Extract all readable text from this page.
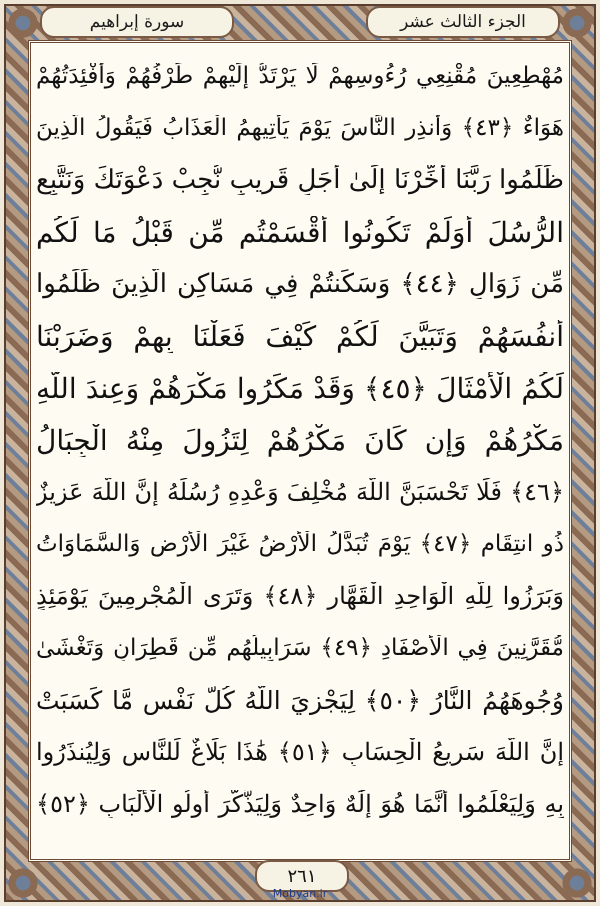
سورة إبراهيم	الجزء الثالث عشر
مُهْطِعِينَ مُقْنِعِي رُءُوسِهِمْ لَا يَرْتَدُّ إِلَيْهِمْ طَرْفُهُمْ وَأَفْئِدَتُهُمْ
هَوَاءٌ ﴿٤٣﴾ وَأَنذِرِ النَّاسَ يَوْمَ يَأْتِيهِمُ الْعَذَابُ فَيَقُولُ الَّذِينَ
ظَلَمُوا رَبَّنَا أَخِّرْنَا إِلَىٰ أَجَلٍ قَرِيبٍ نُّجِبْ دَعْوَتَكَ وَنَتَّبِعِ
الرُّسُلَ أَوَلَمْ تَكُونُوا أَقْسَمْتُم مِّن قَبْلُ مَا لَكُم
مِّن زَوَالٍ ﴿٤٤﴾ وَسَكَنتُمْ فِي مَسَاكِنِ الَّذِينَ ظَلَمُوا
أَنفُسَهُمْ وَتَبَيَّنَ لَكُمْ كَيْفَ فَعَلْنَا بِهِمْ وَضَرَبْنَا
لَكُمُ الْأَمْثَالَ ﴿٤٥﴾ وَقَدْ مَكَرُوا مَكْرَهُمْ وَعِندَ اللَّهِ
مَكْرُهُمْ وَإِن كَانَ مَكْرُهُمْ لِتَزُولَ مِنْهُ الْجِبَالُ
﴿٤٦﴾ فَلَا تَحْسَبَنَّ اللَّهَ مُخْلِفَ وَعْدِهِ رُسُلَهُ إِنَّ اللَّهَ عَزِيزٌ
ذُو انتِقَامٍ ﴿٤٧﴾ يَوْمَ تُبَدَّلُ الْأَرْضُ غَيْرَ الْأَرْضِ وَالسَّمَاوَاتُ
وَبَرَزُوا لِلَّهِ الْوَاحِدِ الْقَهَّارِ ﴿٤٨﴾ وَتَرَى الْمُجْرِمِينَ يَوْمَئِذٍ
مُّقَرَّنِينَ فِي الْأَصْفَادِ ﴿٤٩﴾ سَرَابِيلُهُم مِّن قَطِرَانٍ وَتَغْشَىٰ
وُجُوهَهُمُ النَّارُ ﴿٥٠﴾ لِيَجْزِيَ اللَّهُ كُلَّ نَفْسٍ مَّا كَسَبَتْ
إِنَّ اللَّهَ سَرِيعُ الْحِسَابِ ﴿٥١﴾ هَٰذَا بَلَاغٌ لِّلنَّاسِ وَلِيُنذَرُوا
بِهِ وَلِيَعْلَمُوا أَنَّمَا هُوَ إِلَٰهٌ وَاحِدٌ وَلِيَذَّكَّرَ أُولُو الْأَلْبَابِ ﴿٥٢﴾
٢٦١
Mobyan.ir
